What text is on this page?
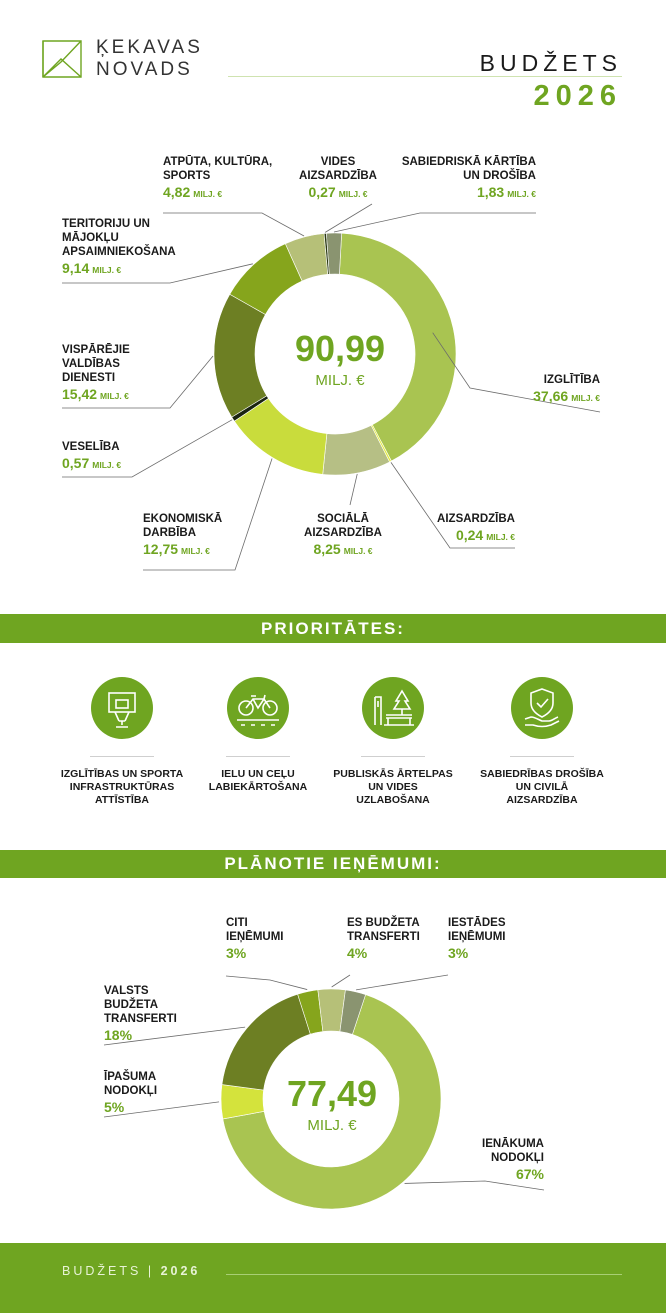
ĶEKAVAS
NOVADS	BUDŽETS
2026
90,99
MILJ. €
ATPŪTA, KULTŪRA, SPORTS
4,82 MILJ. €
VIDES AIZSARDZĪBA
0,27 MILJ. €
SABIEDRISKĀ KĀRTĪBA UN DROŠĪBA
1,83 MILJ. €
TERITORIJU UN MĀJOKĻU APSAIMNIEKOŠANA
9,14 MILJ. €
VISPĀRĒJIE VALDĪBAS DIENESTI
15,42 MILJ. €
VESELĪBA
0,57 MILJ. €
EKONOMISKĀ DARBĪBA
12,75 MILJ. €
SOCIĀLĀ AIZSARDZĪBA
8,25 MILJ. €
AIZSARDZĪBA
0,24 MILJ. €
IZGLĪTĪBA
37,66 MILJ. €
PRIORITĀTES:
IZGLĪTĪBAS UN SPORTA
INFRASTRUKTŪRAS
ATTĪSTĪBA
IELU UN CEĻU
LABIEKĀRTOŠANA
PUBLISKĀS ĀRTELPAS
UN VIDES
UZLABOŠANA
SABIEDRĪBAS DROŠĪBA
UN CIVILĀ
AIZSARDZĪBA
PLĀNOTIE IEŅĒMUMI:
77,49
MILJ. €
CITI IEŅĒMUMI
3%
ES BUDŽETA TRANSFERTI
4%
IESTĀDES IEŅĒMUMI
3%
VALSTS BUDŽETA TRANSFERTI
18%
ĪPAŠUMA NODOKĻI
5%
IENĀKUMA NODOKĻI
67%
BUDŽETS | 2026
